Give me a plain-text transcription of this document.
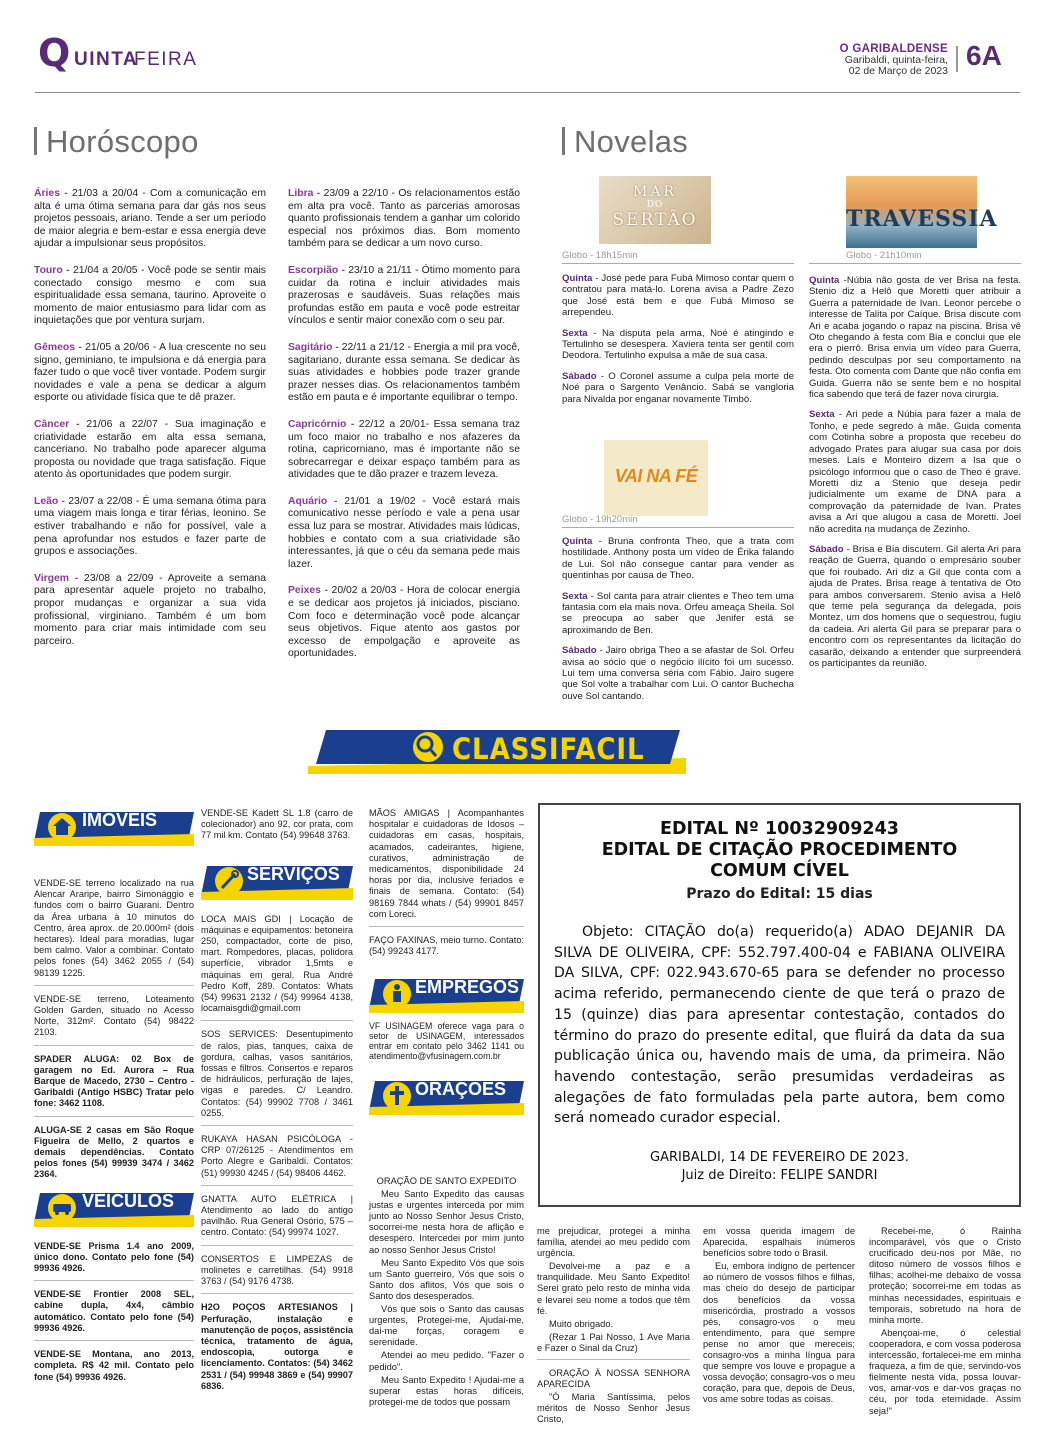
Q UINTA
FEIRA	O GARIBALDENSE
Garibaldi, quinta-feira,
02 de Março de 2023 6A
Horóscopo

Áries - 21/03 a 20/04 - Com a comunicação em alta é uma ótima semana para dar gás nos seus projetos pessoais, ariano. Tende a ser um período de maior alegria e bem-estar e essa energia deve ajudar a impulsionar seus propósitos.

Touro - 21/04 a 20/05 - Você pode se sentir mais conectado consigo mesmo e com sua espiritualidade essa semana, taurino. Aproveite o momento de maior entusiasmo para lidar com as inquietações que por ventura surjam.

Gêmeos - 21/05 a 20/06 - A lua crescente no seu signo, geminiano, te impulsiona e dá energia para fazer tudo o que você tiver vontade. Podem surgir novidades e vale a pena se dedicar a algum esporte ou atividade física que te dê prazer.

Câncer - 21/06 a 22/07 - Sua imaginação e criatividade estarão em alta essa semana, canceriano. No trabalho pode aparecer alguma proposta ou novidade que traga satisfação. Fique atento às oportunidades que podem surgir.

Leão - 23/07 a 22/08 - É uma semana ótima para uma viagem mais longa e tirar férias, leonino. Se estiver trabalhando e não for possível, vale a pena aprofundar nos estudos e fazer parte de grupos e associações.

Virgem - 23/08 a 22/09 - Aproveite a semana para apresentar aquele projeto no trabalho, propor mudanças e organizar a sua vida profissional, virginiano. Também é um bom momento para criar mais intimidade com seu parceiro.

Libra - 23/09 a 22/10 - Os relacionamentos estão em alta pra você. Tanto as parcerias amorosas quanto profissionais tendem a ganhar um colorido especial nos próximos dias. Bom momento também para se dedicar a um novo curso.

Escorpião - 23/10 a 21/11 - Ótimo momento para cuidar da rotina e incluir atividades mais prazerosas e saudáveis. Suas relações mais profundas estão em pauta e você pode estreitar vínculos e sentir maior conexão com o seu par.

Sagitário - 22/11 a 21/12 - Energia a mil pra você, sagitariano, durante essa semana. Se dedicar às suas atividades e hobbies pode trazer grande prazer nesses dias. Os relacionamentos também estão em pauta e é importante equilibrar o tempo.

Capricórnio - 22/12 a 20/01- Essa semana traz um foco maior no trabalho e nos afazeres da rotina, capricorniano, mas é importante não se sobrecarregar e deixar espaço também para as atividades que te dão prazer e trazem leveza.

Aquário - 21/01 a 19/02 - Você estará mais comunicativo nesse período e vale a pena usar essa luz para se mostrar. Atividades mais lúdicas, hobbies e contato com a sua criatividade são interessantes, já que o céu da semana pede mais lazer.

Peixes - 20/02 a 20/03 - Hora de colocar energia e se dedicar aos projetos já iniciados, pisciano. Com foco e determinação você pode alcançar seus objetivos. Fique atento aos gastos por excesso de empolgação e aproveite as oportunidades.

Novelas
MAR
DO
SERTÃO
Globo - 18h15min

Quinta - José pede para Fubá Mimoso contar quem o contratou para matá-lo. Lorena avisa a Padre Zezo que José está bem e que Fubá Mimoso se arrependeu.

Sexta - Na disputa pela arma, Noé é atingindo e Tertulinho se desespera. Xaviera tenta ser gentil com Deodora. Tertulinho expulsa a mãe de sua casa.

Sábado - O Coronel assume a culpa pela morte de Noé para o Sargento Venâncio. Sabá se vangloria para Nivalda por enganar novamente Timbó.

VAI NA FÉ
Globo - 19h20min

Quinta - Bruna confronta Theo, que a trata com hostilidade. Anthony posta um vídeo de Érika falando de Lui. Sol não consegue cantar para vender as quentinhas por causa de Theo.

Sexta - Sol canta para atrair clientes e Theo tem uma fantasia com ela mais nova. Orfeu ameaça Sheila. Sol se preocupa ao saber que Jenifer está se aproximando de Ben.

Sábado - Jairo obriga Theo a se afastar de Sol. Orfeu avisa ao sócio que o negócio ilícito foi um sucesso. Lui tem uma conversa séria com Fábio. Jairo sugere que Sol volte a trabalhar com Lui. O cantor Buchecha ouve Sol cantando.

TRAVESSIA
Globo - 21h10min

Quinta -Núbia não gosta de ver Brisa na festa. Stenio diz a Helô que Moretti quer atribuir a Guerra a paternidade de Ivan. Leonor percebe o interesse de Talita por Caíque. Brisa discute com Ari e acaba jogando o rapaz na piscina. Brisa vê Oto chegando à festa com Bia e conclui que ele era o pierrô. Brisa envia um vídeo para Guerra, pedindo desculpas por seu comportamento na festa. Oto comenta com Dante que não confia em Guida. Guerra não se sente bem e no hospital fica sabendo que terá de fazer nova cirurgia.

Sexta - Ari pede a Núbia para fazer a mala de Tonho, e pede segredo à mãe. Guida comenta com Cotinha sobre a proposta que recebeu do advogado Prates para alugar sua casa por dois meses. Laís e Monteiro dizem a Isa que o psicólogo informou que o caso de Theo é grave. Moretti diz a Stenio que deseja pedir judicialmente um exame de DNA para a comprovação da paternidade de Ivan. Prates avisa a Ari que alugou a casa de Moretti. Joel não acredita na mudança de Zezinho.

Sábado - Brisa e Bia discutem. Gil alerta Ari para reação de Guerra, quando o empresário souber que foi roubado. Ari diz a Gil que conta com a ajuda de Prates. Brisa reage à tentativa de Oto para ambos conversarem. Stenio avisa a Helô que teme pela segurança da delegada, pois Montez, um dos homens que o sequestrou, fugiu da cadeia. Ari alerta Gil para se preparar para o encontro com os representantes da licitação do casarão, deixando a entender que surpreenderá os participantes da reunião.

CLASSIFACIL
IMÓVEIS

VENDE-SE terreno localizado na rua Alencar Araripe, bairro Simonággio e fundos com o bairro Guarani. Dentro da Área urbana à 10 minutos do Centro, área aprox. de 20.000m² (dois hectares). Ideal para moradias, lugar bem calmo. Valor a combinar. Contato pelos fones (54) 3462 2055 / (54) 98139 1225.

VENDE-SE terreno, Loteamento Golden Garden, situado no Acesso Norte, 312m². Contato (54) 98422 2103.

SPADER ALUGA: 02 Box de garagem no Ed. Aurora – Rua Barque de Macedo, 2730 – Centro - Garibaldi (Antigo HSBC) Tratar pelo fone: 3462 1108.

ALUGA-SE 2 casas em São Roque Figueira de Mello, 2 quartos e demais dependências. Contato pelos fones (54) 99939 3474 / 3462 2364.

VEÍCULOS

VENDE-SE Prisma 1.4 ano 2009, único dono. Contato pelo fone (54) 99936 4926.

VENDE-SE Frontier 2008 SEL, cabine dupla, 4x4, câmbio automático. Contato pelo fone (54) 99936 4926.

VENDE-SE Montana, ano 2013, completa. R$ 42 mil. Contato pelo fone (54) 99936 4926.

VENDE-SE Kadett SL 1.8 (carro de colecionador) ano 92, cor prata, com 77 mil km. Contato (54) 99648 3763.

SERVIÇOS

LOCA MAIS GDI | Locação de máquinas e equipamentos: betoneira 250, compactador, corte de piso, mart. Rompedores, placas, polidora superfície, vibrador 1,5mts e máquinas em geral. Rua André Pedro Koff, 289. Contatos: Whats (54) 99631 2132 / (54) 99964 4138, locamaisgdi@gmail.com

SOS SERVICES: Desentupimento de ralos, pias, tanques, caixa de gordura, calhas, vasos sanitários, fossas e filtros. Consertos e reparos de hidráulicos, perfuração de lajes, vigas e paredes. C/ Leandro. Contatos: (54) 99902 7708 / 3461 0255.

RUKAYA HASAN PSICÓLOGA - CRP 07/26125 - Atendimentos em Porto Alegre e Garibaldi. Contatos: (51) 99930 4245 / (54) 98406 4462.

GNATTA AUTO ELÉTRICA | Atendimento ao lado do antigo pavilhão. Rua General Osório, 575 – centro. Contato: (54) 99974 1027.

CONSERTOS E LIMPEZAS de molinetes e carretilhas. (54) 9918 3763 / (54) 9176 4738.

H2O POÇOS ARTESIANOS | Perfuração, instalação e manutenção de poços, assistência técnica, tratamento de água, endoscopia, outorga e licenciamento. Contatos: (54) 3462 2531 / (54) 99948 3869 e (54) 99907 6836.

MÃOS AMIGAS | Acompanhantes hospitalar e cuidadoras de Idosos – cuidadoras em casas, hospitais, acamados, cadeirantes, higiene, curativos, administração de medicamentos, disponibilidade 24 horas por dia, inclusive feriados e finais de semana. Contato: (54) 98169 7844 whats / (54) 99901 8457 com Loreci.

FAÇO FAXINAS, meio turno. Contato: (54) 99243 4177.

EMPREGOS

VF USINAGEM oferece vaga para o setor de USINAGEM, interessados entrar em contato pelo 3462 1141 ou atendimento@vfusinagem.com.br

ORAÇÕES

ORAÇÃO DE SANTO EXPEDITO

Meu Santo Expedito das causas justas e urgentes interceda por mim junto ao Nosso Senhor Jesus Cristo, socorrei-me nesta hora de aflição e desespero. Intercedei por mim junto ao nosso Senhor Jesus Cristo!

Meu Santo Expedito Vós que sois um Santo guerreiro, Vós que sois o Santo dos aflitos, Vós que sois o Santo dos desesperados.

Vós que sois o Santo das causas urgentes, Protegei-me, Ajudai-me, dai-me forças, coragem e serenidade.

Atendei ao meu pedido. "Fazer o pedido".

Meu Santo Expedito ! Ajudai-me a superar estas horas difíceis, protegei-me de todos que possam

EDITAL Nº 10032909243
EDITAL DE CITAÇÃO PROCEDIMENTO
COMUM CÍVEL
Prazo do Edital: 15 dias
Objeto: CITAÇÃO do(a) requerido(a) ADAO DEJANIR DA SILVA DE OLIVEIRA, CPF: 552.797.400-04 e FABIANA OLIVEIRA DA SILVA, CPF: 022.943.670-65 para se defender no processo acima referido, permanecendo ciente de que terá o prazo de 15 (quinze) dias para apresentar contestação, contados do término do prazo do presente edital, que fluirá da data da sua publicação única ou, havendo mais de uma, da primeira. Não havendo contestação, serão presumidas verdadeiras as alegações de fato formuladas pela parte autora, bem como será nomeado curador especial.
GARIBALDI, 14 DE FEVEREIRO DE 2023.
Juiz de Direito: FELIPE SANDRI

me prejudicar, protegei a minha família, atendei ao meu pedido com urgência.

Devolvei-me a paz e a tranquilidade. Meu Santo Expedito! Serei grato pelo resto de minha vida e levarei seu nome a todos que têm fé.

Muito obrigado.

(Rezar 1 Pai Nosso, 1 Ave Maria e Fazer o Sinal da Cruz)

ORAÇÃO À NOSSA SENHORA APARECIDA

"Ó Maria Santíssima, pelos méritos de Nosso Senhor Jesus Cristo,

em vossa querida imagem de Aparecida, espalhais inúmeros benefícios sobre todo o Brasil.

Eu, embora indigno de pertencer ao número de vossos filhos e filhas, mas cheio do desejo de participar dos benefícios da vossa misericórdia, prostrado a vossos pés, consagro-vos o meu entendimento, para que sempre pense no amor que mereceis; consagro-vos a minha língua para que sempre vos louve e propague a vossa devoção; consagro-vos o meu coração, para que, depois de Deus, vos ame sobre todas as coisas.

Recebei-me, ó Rainha incomparável, vós que o Cristo crucificado deu-nos por Mãe, no ditoso número de vossos filhos e filhas; acolhei-me debaixo de vossa proteção; socorrei-me em todas as minhas necessidades, espirituais e temporais, sobretudo na hora de minha morte.

Abençoai-me, ó celestial cooperadora, e com vossa poderosa intercessão, fortalecei-me em minha fraqueza, a fim de que, servindo-vos fielmente nesta vida, possa louvar-vos, amar-vos e dar-vos graças no céu, por toda eternidade. Assim seja!"
